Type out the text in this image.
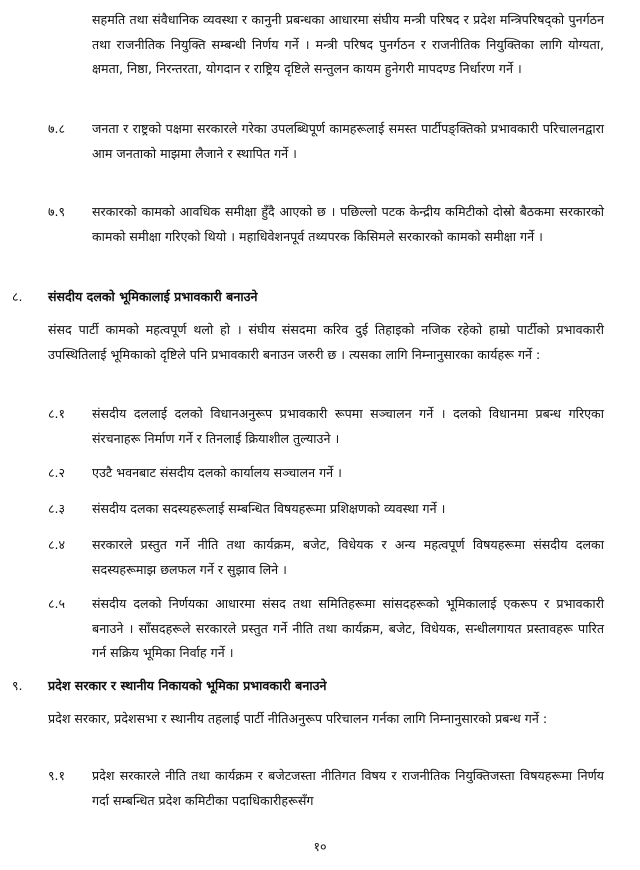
सहमति तथा संवैधानिक व्यवस्था र कानुनी प्रबन्धका आधारमा संघीय मन्त्री परिषद र प्रदेश मन्त्रिपरिषद्को पुनर्गठन तथा राजनीतिक नियुक्ति सम्बन्धी निर्णय गर्ने । मन्त्री परिषद पुनर्गठन र राजनीतिक नियुक्तिका लागि योग्यता, क्षमता, निष्ठा, निरन्तरता, योगदान र राष्ट्रिय दृष्टिले सन्तुलन कायम हुनेगरी मापदण्ड निर्धारण गर्ने ।
७.८ जनता र राष्ट्रको पक्षमा सरकारले गरेका उपलब्धिपूर्ण कामहरूलाई समस्त पार्टीपङ्क्तिको प्रभावकारी परिचालनद्वारा आम जनताको माझमा लैजाने र स्थापित गर्ने ।
७.९ सरकारको कामको आवधिक समीक्षा हुँदै आएको छ । पछिल्लो पटक केन्द्रीय कमिटीको दोस्रो बैठकमा सरकारको कामको समीक्षा गरिएको थियो । महाधिवेशनपूर्व तथ्यपरक किसिमले सरकारको कामको समीक्षा गर्ने ।
८. संसदीय दलको भूमिकालाई प्रभावकारी बनाउने
संसद पार्टी कामको महत्वपूर्ण थलो हो । संघीय संसदमा करिव दुई तिहाइको नजिक रहेको हाम्रो पार्टीको प्रभावकारी उपस्थितिलाई भूमिकाको दृष्टिले पनि प्रभावकारी बनाउन जरुरी छ । त्यसका लागि निम्नानुसारका कार्यहरू गर्ने :
८.१ संसदीय दललाई दलको विधानअनुरूप प्रभावकारी रूपमा सञ्चालन गर्ने । दलको विधानमा प्रबन्ध गरिएका संरचनाहरू निर्माण गर्ने र तिनलाई क्रियाशील तुल्याउने ।
८.२ एउटै भवनबाट संसदीय दलको कार्यालय सञ्चालन गर्ने ।
८.३ संसदीय दलका सदस्यहरूलाई सम्बन्धित विषयहरूमा प्रशिक्षणको व्यवस्था गर्ने ।
८.४ सरकारले प्रस्तुत गर्ने नीति तथा कार्यक्रम, बजेट, विधेयक र अन्य महत्वपूर्ण विषयहरूमा संसदीय दलका सदस्यहरूमाझ छलफल गर्ने र सुझाव लिने ।
८.५ संसदीय दलको निर्णयका आधारमा संसद तथा समितिहरूमा सांसदहरूको भूमिकालाई एकरूप र प्रभावकारी बनाउने । साँसदहरूले सरकारले प्रस्तुत गर्ने नीति तथा कार्यक्रम, बजेट, विधेयक, सन्धीलगायत प्रस्तावहरू पारित गर्न सक्रिय भूमिका निर्वाह गर्ने ।
९. प्रदेश सरकार र स्थानीय निकायको भूमिका प्रभावकारी बनाउने
प्रदेश सरकार, प्रदेशसभा र स्थानीय तहलाई पार्टी नीतिअनुरूप परिचालन गर्नका लागि निम्नानुसारको प्रबन्ध गर्ने :
९.१ प्रदेश सरकारले नीति तथा कार्यक्रम र बजेटजस्ता नीतिगत विषय र राजनीतिक नियुक्तिजस्ता विषयहरूमा निर्णय गर्दा सम्बन्धित प्रदेश कमिटीका पदाधिकारीहरूसँग
१०
